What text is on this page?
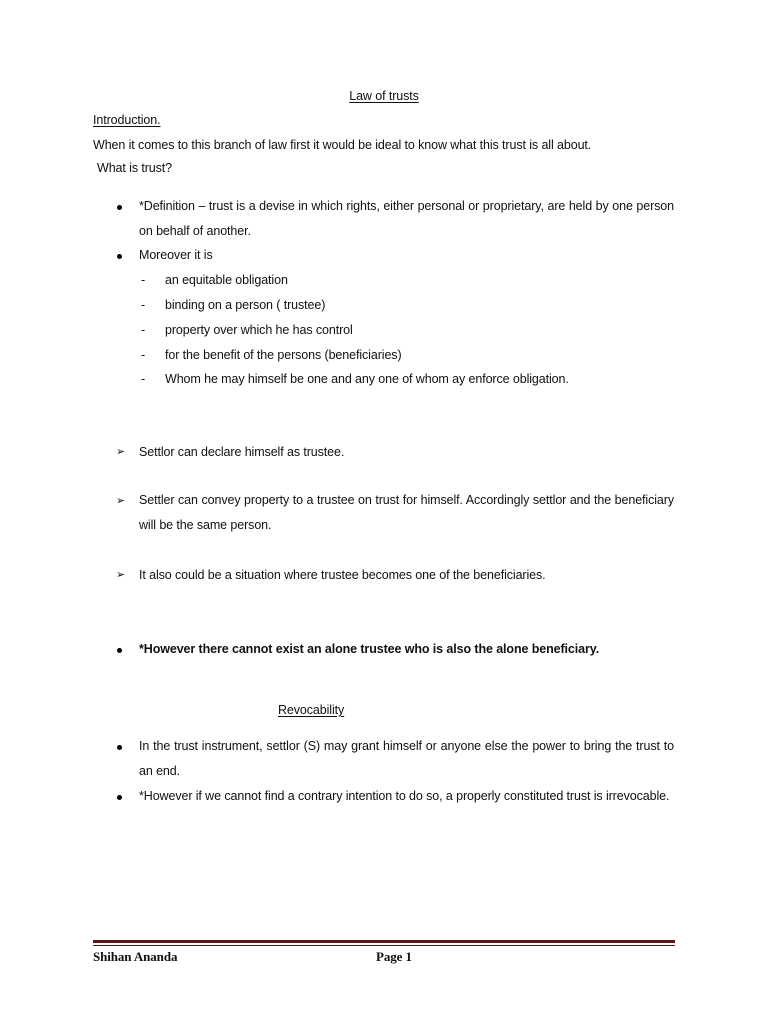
Law of trusts
Introduction.
When it comes to this branch of law first it would be ideal to know what this trust is all about.
What is trust?
*Definition – trust is a devise in which rights, either personal or proprietary, are held by one person on behalf of another.
Moreover it is
- an equitable obligation
- binding on a person ( trustee)
- property over which he has control
- for the benefit of the persons (beneficiaries)
- Whom he may himself be one and any one of whom ay enforce obligation.
➢ Settlor can declare himself as trustee.
➢ Settler can convey property to a trustee on trust for himself. Accordingly settlor and the beneficiary will be the same person.
➢ It also could be a situation where trustee becomes one of the beneficiaries.
*However there cannot exist an alone trustee who is also the alone beneficiary.
Revocability
In the trust instrument, settlor (S) may grant himself or anyone else the power to bring the trust to an end.
*However if we cannot find a contrary intention to do so, a properly constituted trust is irrevocable.
Shihan Ananda	Page 1
